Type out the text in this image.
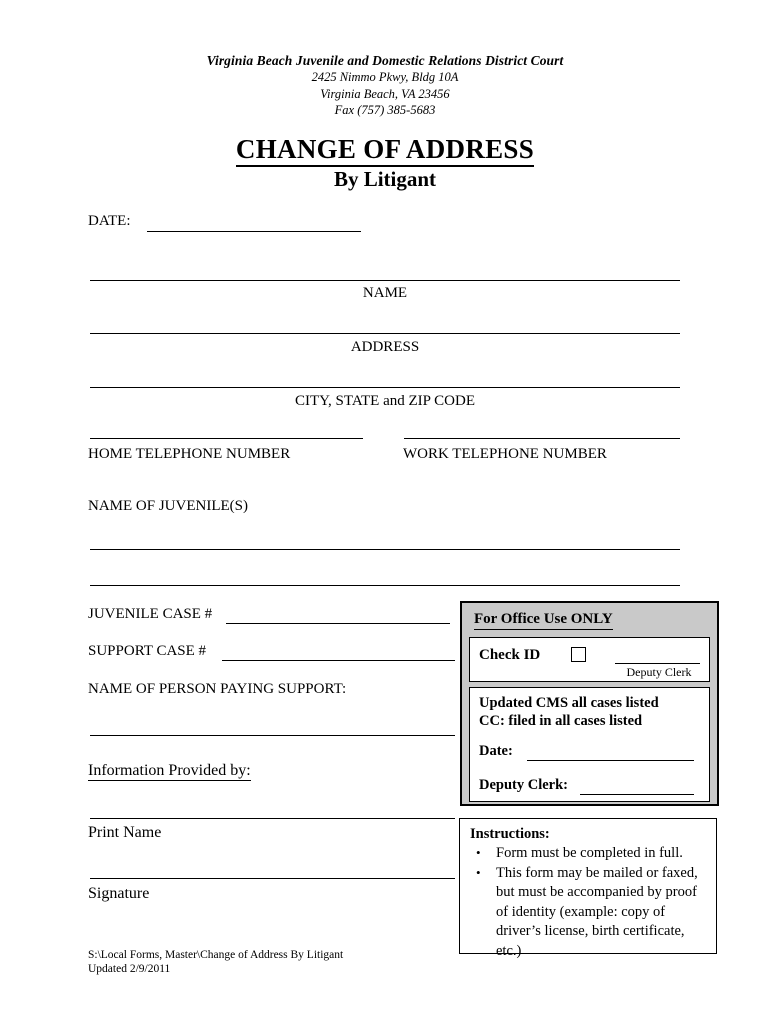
Virginia Beach Juvenile and Domestic Relations District Court
2425 Nimmo Pkwy, Bldg 10A
Virginia Beach, VA 23456
Fax (757) 385-5683
CHANGE OF ADDRESS
By Litigant
DATE:
NAME
ADDRESS
CITY, STATE and ZIP CODE
HOME TELEPHONE NUMBER	WORK TELEPHONE NUMBER
NAME OF JUVENILE(S)
JUVENILE CASE #
SUPPORT CASE #
NAME OF PERSON PAYING SUPPORT:
Information Provided by:
Print Name
Signature
For Office Use ONLY
Check ID
Deputy Clerk
Updated CMS all cases listed
CC: filed in all cases listed
Date:
Deputy Clerk:
Instructions:
• Form must be completed in full.
• This form may be mailed or faxed, but must be accompanied by proof of identity (example: copy of driver’s license, birth certificate, etc.)
S:\Local Forms, Master\Change of Address By Litigant
Updated 2/9/2011
